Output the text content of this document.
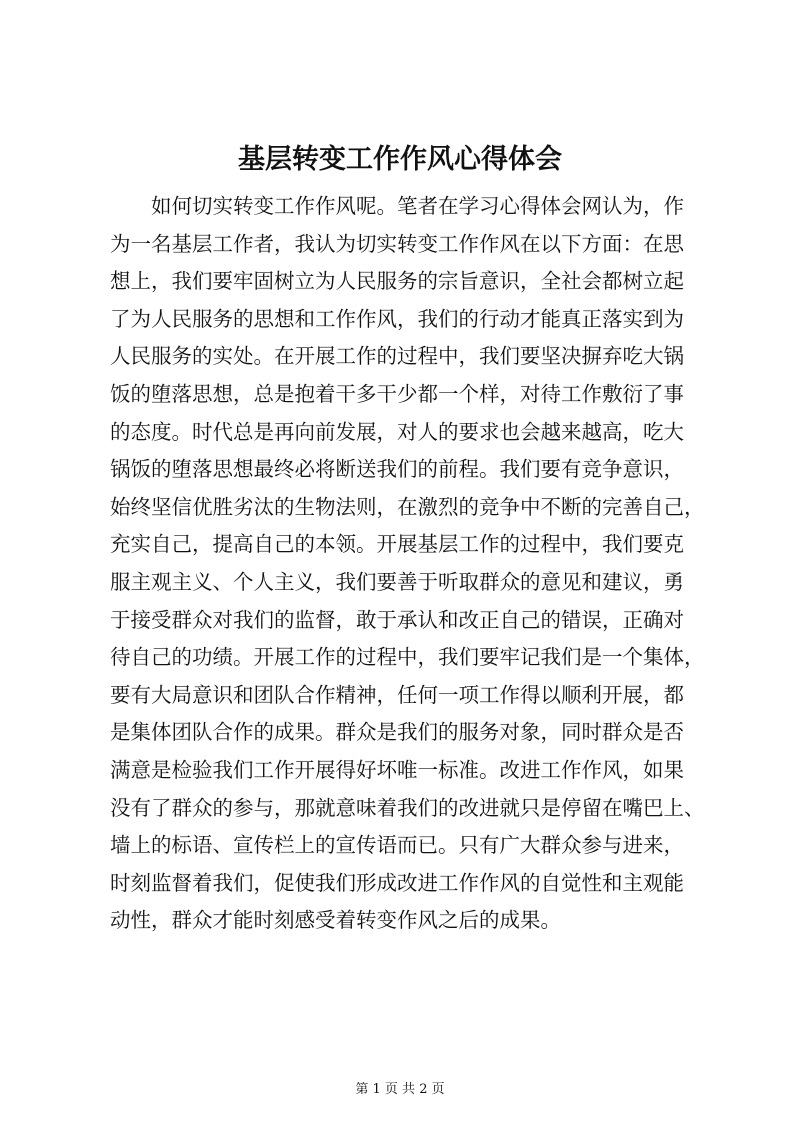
基层转变工作作风心得体会
如何切实转变工作作风呢。笔者在学习心得体会网认为，作
为一名基层工作者，我认为切实转变工作作风在以下方面：在思
想上，我们要牢固树立为人民服务的宗旨意识，全社会都树立起
了为人民服务的思想和工作作风，我们的行动才能真正落实到为
人民服务的实处。在开展工作的过程中，我们要坚决摒弃吃大锅
饭的堕落思想，总是抱着干多干少都一个样，对待工作敷衍了事
的态度。时代总是再向前发展，对人的要求也会越来越高，吃大
锅饭的堕落思想最终必将断送我们的前程。我们要有竞争意识，
始终坚信优胜劣汰的生物法则，在激烈的竞争中不断的完善自己，
充实自己，提高自己的本领。开展基层工作的过程中，我们要克
服主观主义、个人主义，我们要善于听取群众的意见和建议，勇
于接受群众对我们的监督，敢于承认和改正自己的错误，正确对
待自己的功绩。开展工作的过程中，我们要牢记我们是一个集体，
要有大局意识和团队合作精神，任何一项工作得以顺利开展，都
是集体团队合作的成果。群众是我们的服务对象，同时群众是否
满意是检验我们工作开展得好坏唯一标准。改进工作作风，如果
没有了群众的参与，那就意味着我们的改进就只是停留在嘴巴上、
墙上的标语、宣传栏上的宣传语而已。只有广大群众参与进来，
时刻监督着我们，促使我们形成改进工作作风的自觉性和主观能
动性，群众才能时刻感受着转变作风之后的成果。
第 1 页 共 2 页
